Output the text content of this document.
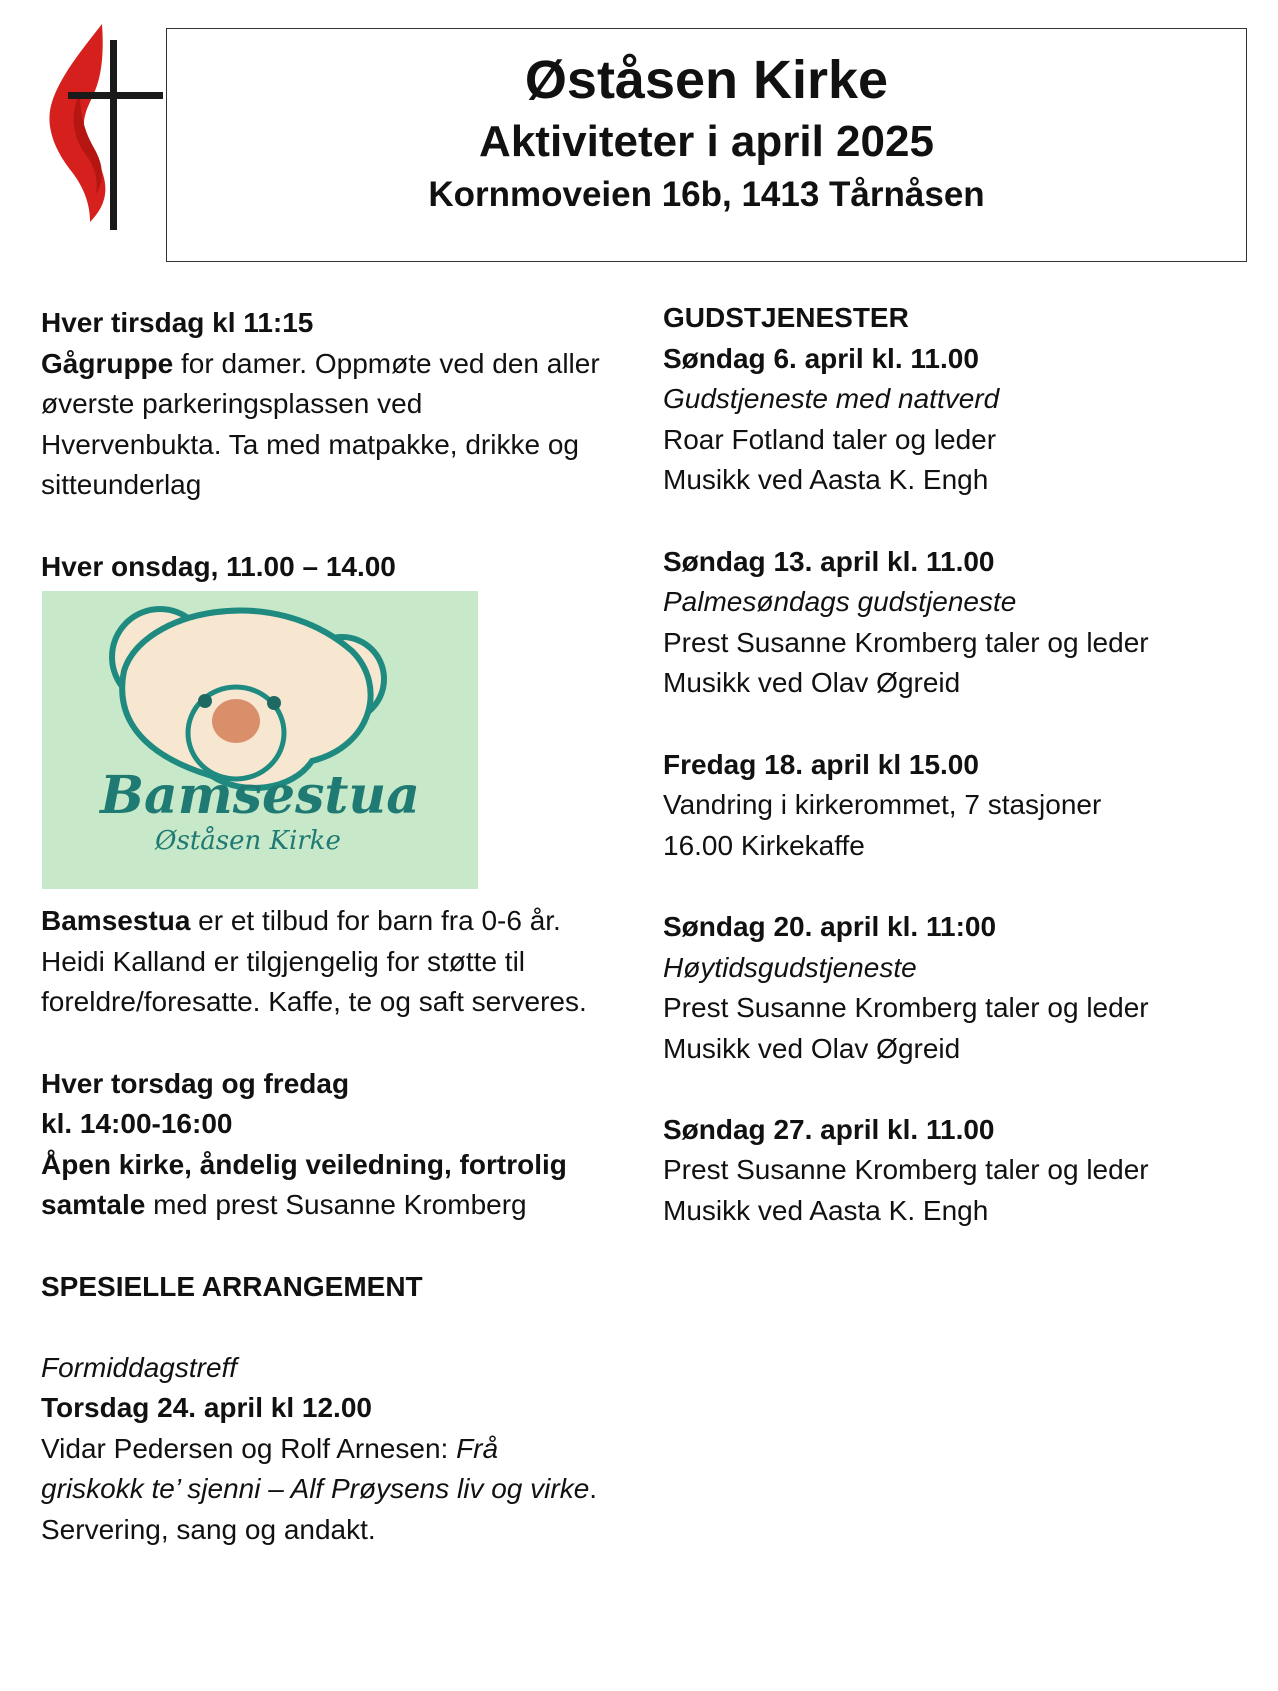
Øståsen Kirke
Aktiviteter i april 2025
Kornmoveien 16b, 1413 Tårnåsen

Hver tirsdag kl 11:15

Gågruppe for damer. Oppmøte ved den aller øverste parkeringsplassen ved Hvervenbukta. Ta med matpakke, drikke og sitteunderlag

Hver onsdag, 11.00 – 14.00

Bamsestua
Øståsen Kirke

Bamsestua er et tilbud for barn fra 0-6 år. Heidi Kalland er tilgjengelig for støtte til foreldre/foresatte. Kaffe, te og saft serveres.

Hver torsdag og fredag

kl. 14:00-16:00

Åpen kirke, åndelig veiledning, fortrolig samtale med prest Susanne Kromberg

SPESIELLE ARRANGEMENT

Formiddagstreff

Torsdag 24. april kl 12.00

Vidar Pedersen og Rolf Arnesen: Frå griskokk te’ sjenni – Alf Prøysens liv og virke. Servering, sang og andakt.

GUDSTJENESTER

Søndag 6. april kl. 11.00

Gudstjeneste med nattverd

Roar Fotland taler og leder

Musikk ved Aasta K. Engh

Søndag 13. april kl. 11.00

Palmesøndags gudstjeneste

Prest Susanne Kromberg taler og leder

Musikk ved Olav Øgreid

Fredag 18. april kl 15.00

Vandring i kirkerommet, 7 stasjoner

16.00 Kirkekaffe

Søndag 20. april kl. 11:00

Høytidsgudstjeneste

Prest Susanne Kromberg taler og leder

Musikk ved Olav Øgreid

Søndag 27. april kl. 11.00

Prest Susanne Kromberg taler og leder

Musikk ved Aasta K. Engh
